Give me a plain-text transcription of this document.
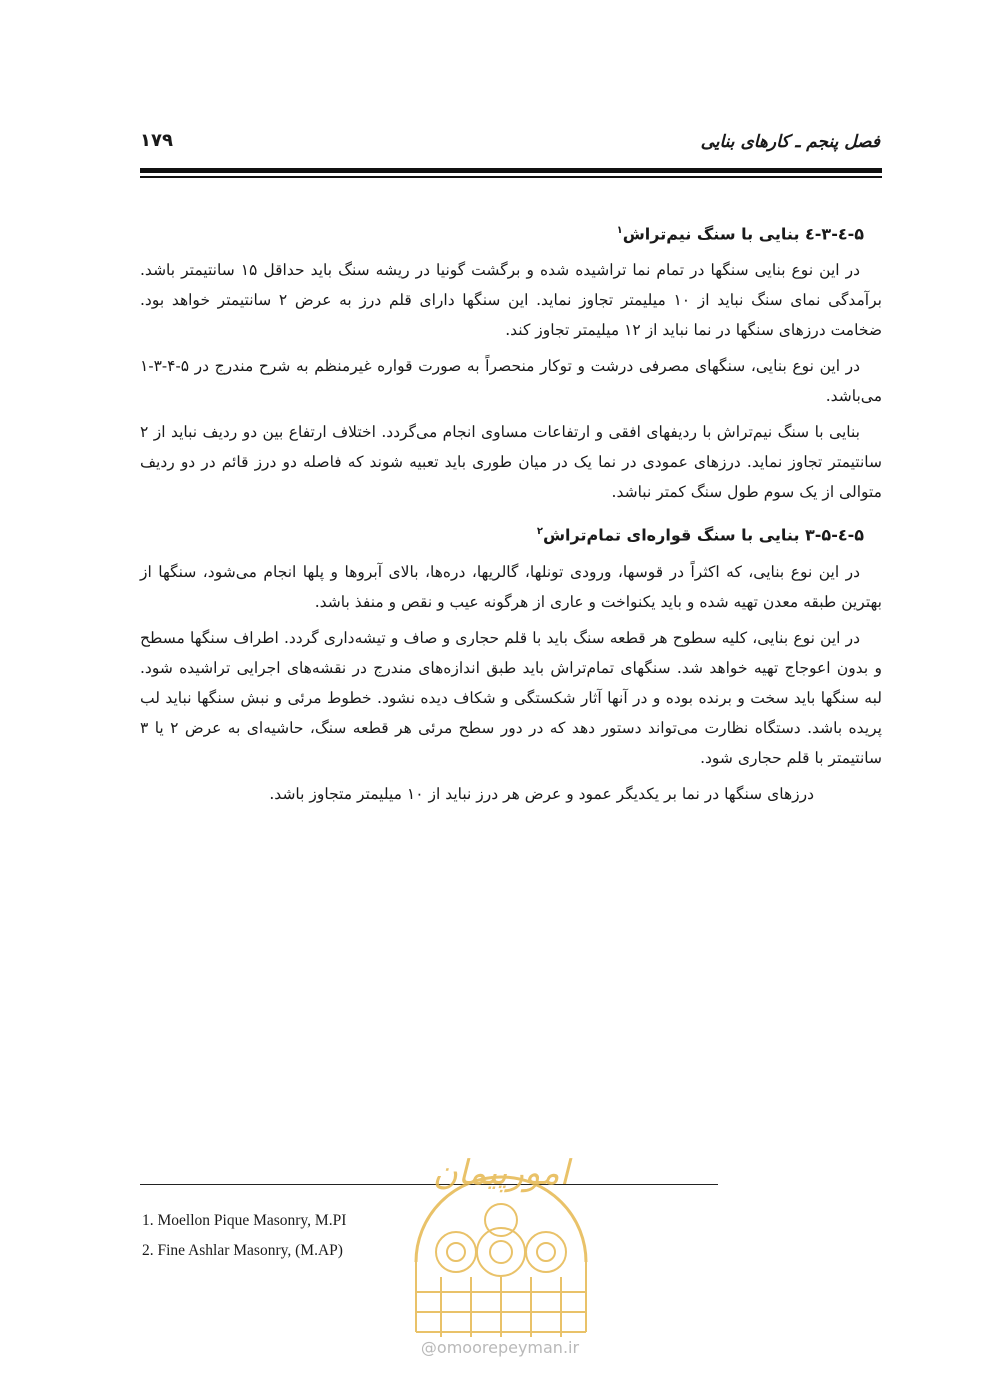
فصل پنجم ـ کارهای بنایی
۱۷۹
۵-٤-۳-٤ بنایی با سنگ نیم‌تراش$^۱$

در این نوع بنایی سنگها در تمام نما تراشیده شده و برگشت گونیا در ریشه سنگ باید حداقل ۱۵ سانتیمتر باشد. برآمدگی نمای سنگ نباید از ۱۰ میلیمتر تجاوز نماید. این سنگها دارای قلم درز به عرض ۲ سانتیمتر خواهد بود. ضخامت درزهای سنگها در نما نباید از ۱۲ میلیمتر تجاوز کند.

در این نوع بنایی، سنگهای مصرفی درشت و توکار منحصراً به صورت قواره غیرمنظم به شرح مندرج در ۵-۴-۳-۱ می‌باشد.

بنایی با سنگ نیم‌تراش با ردیفهای افقی و ارتفاعات مساوی انجام می‌گردد. اختلاف ارتفاع بین دو ردیف نباید از ۲ سانتیمتر تجاوز نماید. درزهای عمودی در نما یک در میان طوری باید تعبیه شوند که فاصله دو درز قائم در دو ردیف متوالی از یک سوم طول سنگ کمتر نباشد.

۵-٤-۳-۵ بنایی با سنگ قواره‌ای تمام‌تراش$^۲$

در این نوع بنایی، که اکثراً در قوسها، ورودی تونلها، گالریها، دره‌ها، بالای آبروها و پلها انجام می‌شود، سنگها از بهترین طبقه معدن تهیه شده و باید یکنواخت و عاری از هرگونه عیب و نقص و منفذ باشد.

در این نوع بنایی، کلیه سطوح هر قطعه سنگ باید با قلم حجاری و صاف و تیشه‌داری گردد. اطراف سنگها مسطح و بدون اعوجاج تهیه خواهد شد. سنگهای تمام‌تراش باید طبق اندازه‌های مندرج در نقشه‌های اجرایی تراشیده شود. لبه سنگها باید سخت و برنده بوده و در آنها آثار شکستگی و شکاف دیده نشود. خطوط مرئی و نبش سنگها نباید لب پریده باشد. دستگاه نظارت می‌تواند دستور دهد که در دور سطح مرئی هر قطعه سنگ، حاشیه‌ای به عرض ۲ یا ۳ سانتیمتر با قلم حجاری شود.

درزهای سنگها در نما بر یکدیگر عمود و عرض هر درز نباید از ۱۰ میلیمتر متجاوز باشد.

امورپیمان
@omoorepeyman.ir
1. Moellon Pique Masonry, M.PI
2. Fine Ashlar Masonry, (M.AP)
